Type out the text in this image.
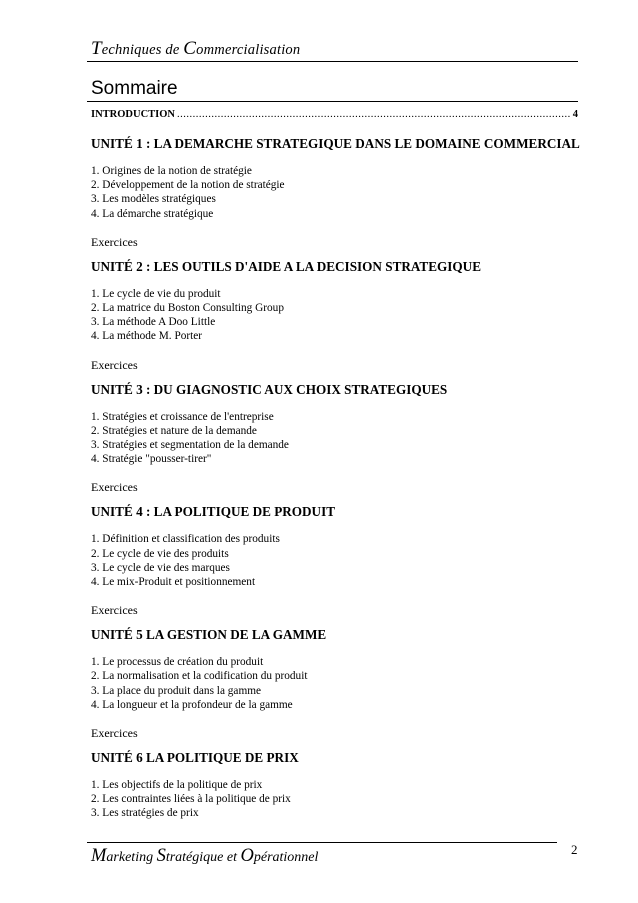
Techniques de Commercialisation
Sommaire
INTRODUCTION
.....	4
UNITÉ 1 : LA DEMARCHE STRATEGIQUE DANS LE DOMAINE COMMERCIAL
1. Origines de la notion de stratégie
2. Développement de la notion de stratégie
3. Les modèles stratégiques
4. La démarche stratégique
Exercices
UNITÉ 2 : LES OUTILS D'AIDE A LA DECISION STRATEGIQUE
1. Le cycle de vie du produit
2. La matrice du Boston Consulting Group
3. La méthode A Doo Little
4. La méthode M. Porter
Exercices
UNITÉ 3 : DU GIAGNOSTIC AUX CHOIX STRATEGIQUES
1. Stratégies et croissance de l'entreprise
2. Stratégies et nature de la demande
3. Stratégies et segmentation de la demande
4. Stratégie "pousser-tirer"
Exercices
UNITÉ 4 : LA POLITIQUE DE PRODUIT
1. Définition et classification des produits
2. Le cycle de vie des produits
3. Le cycle de vie des marques
4. Le mix-Produit et positionnement
Exercices
UNITÉ 5 LA GESTION DE LA GAMME
1. Le processus de création du produit
2. La normalisation et la codification du produit
3. La place du produit dans la gamme
4. La longueur et la profondeur de la gamme
Exercices
UNITÉ 6 LA POLITIQUE DE PRIX
1. Les objectifs de la politique de prix
2. Les contraintes liées à la politique de prix
3. Les stratégies de prix
Marketing Stratégique et Opérationnel
2
